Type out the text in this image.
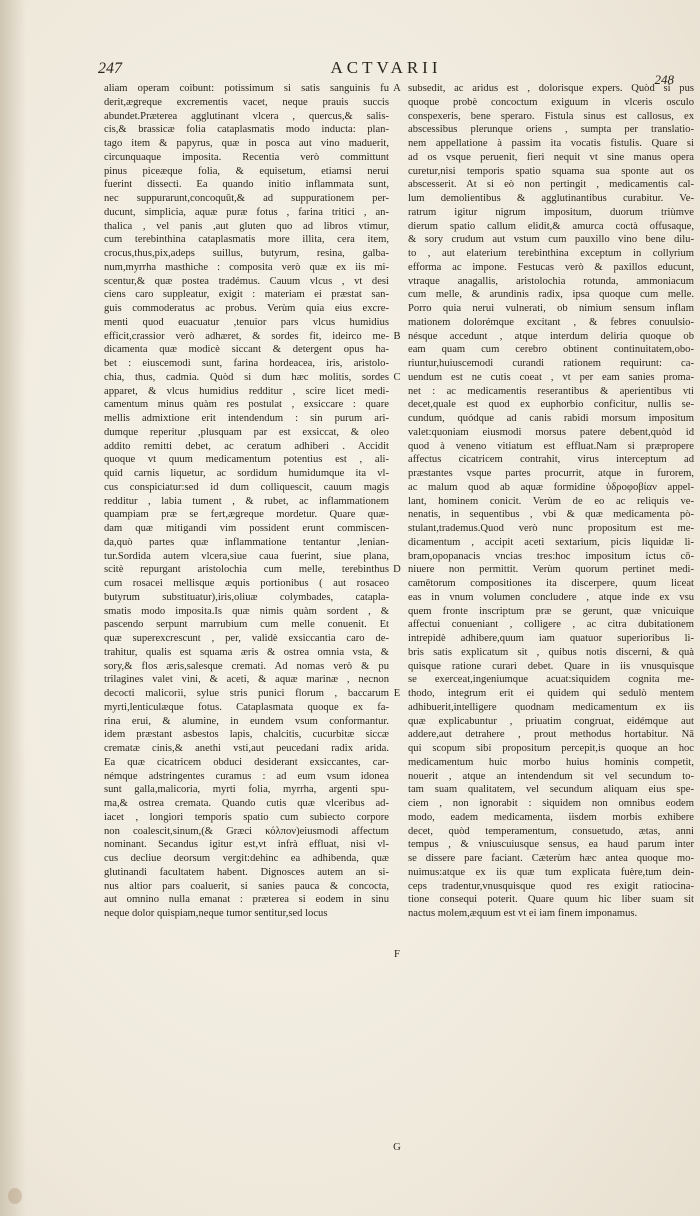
247	ACTVARII
248
aliam operam coibunt: potissimum si satis sanguinis fu
derit,ægreque excrementis vacet, neque prauis succis
abundet.Præterea agglutinant vlcera , quercus,& salis-
cis,& brassicæ folia cataplasmatis modo inducta: plan-
tago item & papyrus, quæ in posca aut vino maduerit,
circunquaque imposita. Recentia verò committunt
pinus piceæque folia, & equisetum, etiamsi nerui
fuerint dissecti. Ea quando initio inflammata sunt,
nec suppurarunt,concoquūt,& ad suppurationem per-
ducunt, simplicia, aquæ puræ fotus , farina tritici , an-
thalica , vel panis ,aut gluten quo ad libros vtimur,
cum terebinthina cataplasmatis more illita, cera item,
crocus,thus,pix,adeps suillus, butyrum, resina, galba-
num,myrrha masthiche : composita verò quæ ex iis mi-
scentur,& quæ postea tradémus. Cauum vlcus , vt desi
ciens caro suppleatur, exigit : materiam ei præstat san-
guis commoderatus ac probus. Verùm quia eius excre-
menti quod euacuatur ,tenuior pars vlcus humidius
efficit,crassior verò adhæret, & sordes fit, ideirco me-
dicamenta quæ modicè siccant & detergent opus ha-
bet : eiuscemodi sunt, farina hordeacea, iris, aristolo-
chia, thus, cadmia. Quòd si dum hæc molitis, sordes
apparet, & vlcus humidius redditur , scire licet medi-
camentum minus quàm res postulat , exsiccare : quare
mellis admixtione erit intendendum : sin purum ari-
dumque reperitur ,plusquam par est exsiccat, & oleo
addito remitti debet, ac ceratum adhiberi . Accidit
quoque vt quum medicamentum potentius est , ali-
quid carnis liquetur, ac sordidum humidumque ita vl-
cus conspiciatur:sed id dum colliquescit, cauum magis
redditur , labia tument , & rubet, ac inflammationem
quampiam præ se fert,ægreque mordetur. Quare quæ-
dam quæ mitigandi vim possident erunt commiscen-
da,quò partes quæ inflammatione tentantur ,lenian-
tur.Sordida autem vlcera,siue caua fuerint, siue plana,
scitè repurgant aristolochia cum melle, terebinthus
cum rosacei mellisque æquis portionibus ( aut rosaceo
butyrum substituatur),iris,oliuæ colymbades, catapla-
smatis modo imposita.Is quæ nimis quàm sordent , &
pascendo serpunt marrubium cum melle conuenit. Et
quæ superexcrescunt , per, validè exsiccantia caro de-
trahitur, qualis est squama æris & ostrea omnia vsta, &
sory,& flos æris,salesque cremati. Ad nomas verò & pu
trilagines valet vini, & aceti, & aquæ marinæ , necnon
decocti malicorii, sylue stris punici florum , baccarum
myrti,lenticulæque fotus. Cataplasmata quoque ex fa-
rina erui, & alumine, in eundem vsum conformantur.
idem præstant asbestos lapis, chalcitis, cucurbitæ siccæ
crematæ cinis,& anethi vsti,aut peucedani radix arida.
Ea quæ cicatricem obduci desiderant exsiccantes, car-
némque adstringentes curamus : ad eum vsum idonea
sunt galla,malicoria, myrti folia, myrrha, argenti spu-
ma,& ostrea cremata. Quando cutis quæ vlceribus ad-
iacet , longiori temporis spatio cum subiecto corpore
non coalescit,sinum,(& Græci κόλπον)eiusmodi affectum
nominant. Secandus igitur est,vt infrà effluat, nisi vl-
cus decliue deorsum vergit:dehinc ea adhibenda, quæ
glutinandi facultatem habent. Dignosces autem an si-
nus altior pars coaluerit, si sanies pauca & concocta,
aut omnino nulla emanat : præterea si eodem in sinu
neque dolor quispiam,neque tumor sentitur,sed locus
A
B
C
D
E
F
G
subsedit, ac aridus est , dolorisque expers. Quòd si pus
quoque probè concoctum exiguum in vlceris osculo
conspexeris, bene speraro. Fistula sinus est callosus, ex
abscessibus plerunque oriens , sumpta per translatio-
nem appellatione à passim ita vocatis fistulis. Quare si
ad os vsque peruenit, fieri nequit vt sine manus opera
curetur,nisi temporis spatio squama sua sponte aut os
abscesserit. At si eò non pertingit , medicamentis cal-
lum demolientibus & agglutinantibus curabitur. Ve-
ratrum igitur nigrum impositum, duorum triùmve
dierum spatio callum elidit,& amurca coctà offusaque,
& sory crudum aut vstum cum pauxillo vino bene dilu-
to , aut elaterium terebinthina exceptum in collyrium
efforma ac impone. Festucas verò & paxillos educunt,
vtraque anagallis, aristolochia rotunda, ammoniacum
cum melle, & arundinis radix, ipsa quoque cum melle.
Porro quia nerui vulnerati, ob nimium sensum inflam
mationem dolorémque excitant , & febres conuulsio-
nésque accedunt , atque interdum deliria quoque ob
eam quam cum cerebro obtinent continuitatem,obo-
riuntur,huiuscemodi curandi rationem requirunt: ca-
uendum est ne cutis coeat , vt per eam sanies proma-
net : ac medicamentis reserantibus & aperientibus vti
decet,quale est quod ex euphorbio conficitur, nullis se-
cundum, quódque ad canis rabidi morsum impositum
valet:quoniam eiusmodi morsus patere debent,quòd id
quod à veneno vitiatum est effluat.Nam si præpropere
affectus cicatricem contrahit, virus interceptum ad
præstantes vsque partes procurrit, atque in furorem,
ac malum quod ab aquæ formidine ὑδροφοβίαν appel-
lant, hominem conicit. Verùm de eo ac reliquis ve-
nenatis, in sequentibus , vbi & quæ medicamenta pò-
stulant,trademus.Quod verò nunc propositum est me-
dicamentum , accipit aceti sextarium, picis liquidæ li-
bram,opopanacis vncias tres:hoc impositum ictus cō-
niuere non permittit. Verùm quorum pertinet medi-
camētorum compositiones ita discerpere, quum liceat
eas in vnum volumen concludere , atque inde ex vsu
quem fronte inscriptum præ se gerunt, quæ vnicuique
affectui conueniant , colligere , ac citra dubitationem
intrepidè adhibere,quum iam quatuor superioribus li-
bris satis explicatum sit , quibus notis discerni, & quà
quisque ratione curari debet. Quare in iis vnusquisque
se exerceat,ingeniumque acuat:siquidem cognita me-
thodo, integrum erit ei quidem qui sedulò mentem
adhibuerit,intelligere quodnam medicamentum ex iis
quæ explicabuntur , priuatim congruat, eidémque aut
addere,aut detrahere , prout methodus hortabitur. Nā
qui scopum sibi propositum percepit,is quoque an hoc
medicamentum huic morbo huius hominis competit,
nouerit , atque an intendendum sit vel secundum to-
tam suam qualitatem, vel secundum aliquam eius spe-
ciem , non ignorabit : siquidem non omnibus eodem
modo, eadem medicamenta, iisdem morbis exhibere
decet, quòd temperamentum, consuetudo, ætas, anni
tempus , & vniuscuiusque sensus, ea haud parum inter
se dissere pare faciant. Cæterùm hæc antea quoque mo-
nuimus:atque ex iis quæ tum explicata fuère,tum dein-
ceps tradentur,vnusquisque quod res exigit ratiocina-
tione consequi poterit. Quare quum hic liber suam sit
nactus molem,æquum est vt ei iam finem imponamus.
